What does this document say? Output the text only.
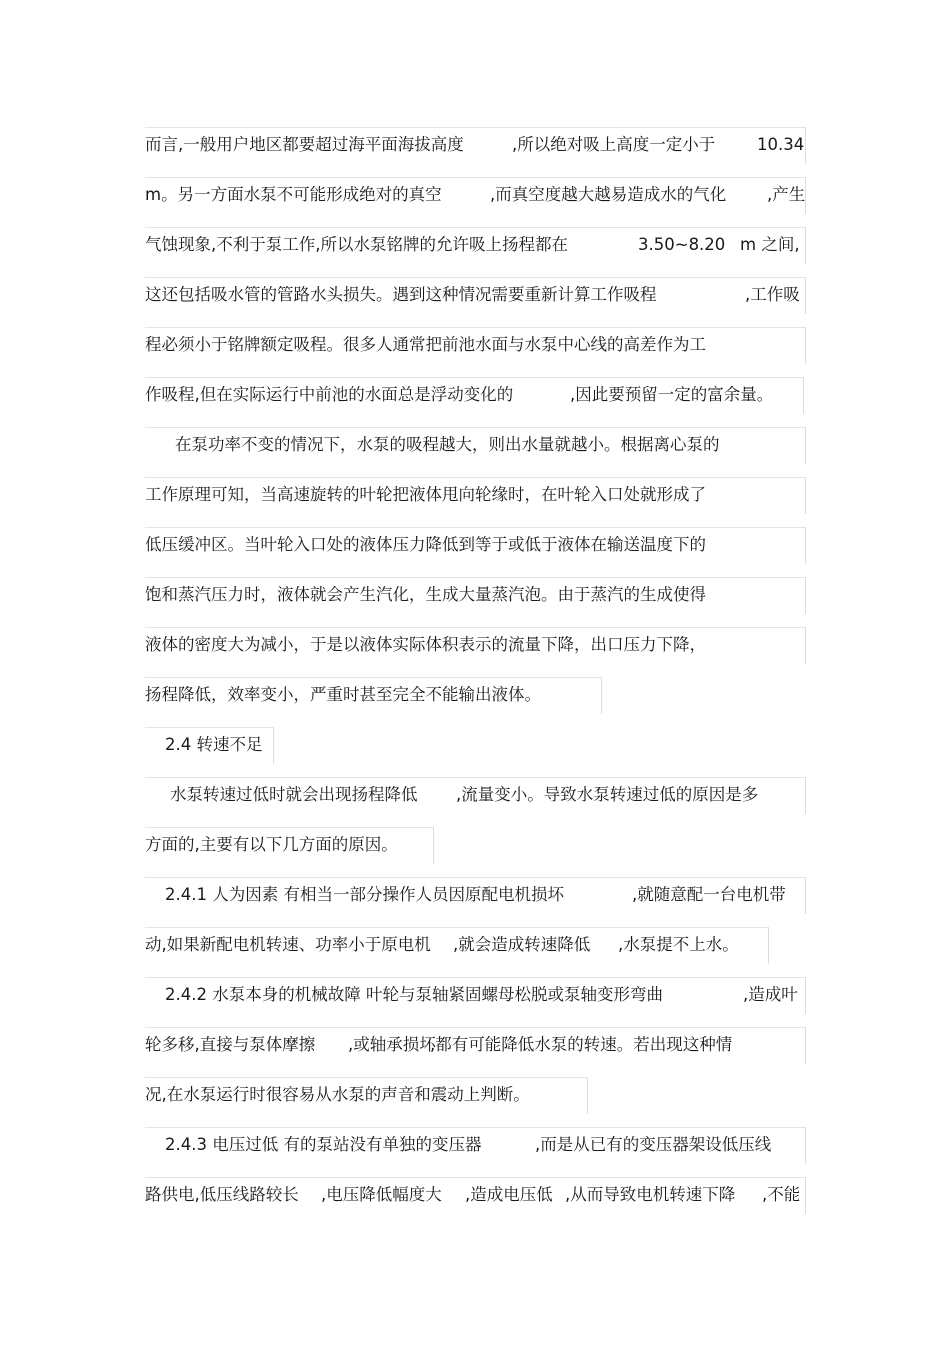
而言,一般用户地区都要超过海平面海拔高度	,所以绝对吸上高度一定小于	10.34
m。另一方面水泵不可能形成绝对的真空	,而真空度越大越易造成水的气化 ,产生
气蚀现象,不利于泵工作,所以水泵铭牌的允许吸上扬程都在	3.50~8.20 m 之间,
这还包括吸水管的管路水头损失。遇到这种情况需要重新计算工作吸程	,工作吸
程必须小于铭牌额定吸程。很多人通常把前池水面与水泵中心线的高差作为工
作吸程,但在实际运行中前池的水面总是浮动变化的	,因此要预留一定的富余量。
在泵功率不变的情况下，水泵的吸程越大，则出水量就越小。根据离心泵的
工作原理可知，当高速旋转的叶轮把液体甩向轮缘时，在叶轮入口处就形成了
低压缓冲区。当叶轮入口处的液体压力降低到等于或低于液体在输送温度下的
饱和蒸汽压力时，液体就会产生汽化，生成大量蒸汽泡。由于蒸汽的生成使得
液体的密度大为减小，于是以液体实际体积表示的流量下降，出口压力下降，
扬程降低，效率变小，严重时甚至完全不能输出液体。
2.4 转速不足
水泵转速过低时就会出现扬程降低 ,流量变小。导致水泵转速过低的原因是多
方面的,主要有以下几方面的原因。
2.4.1 人为因素 有相当一部分操作人员因原配电机损坏	,就随意配一台电机带
动,如果新配电机转速、功率小于原电机 ,就会造成转速降低 ,水泵提不上水。
2.4.2 水泵本身的机械故障 叶轮与泵轴紧固螺母松脱或泵轴变形弯曲	,造成叶
轮多移,直接与泵体摩擦 ,或轴承损坏
,都有可能降低水泵的转速。若出现这种情
况,在水泵运行时很容易从水泵的声音和震动上判断。
2.4.3 电压过低 有的泵站没有单独的变压器	,而是从已有的变压器架设低压线
路供电,低压线路较长 ,电压降低幅度大 ,造成电压低 ,从而导致电机转速下降 ,不能
